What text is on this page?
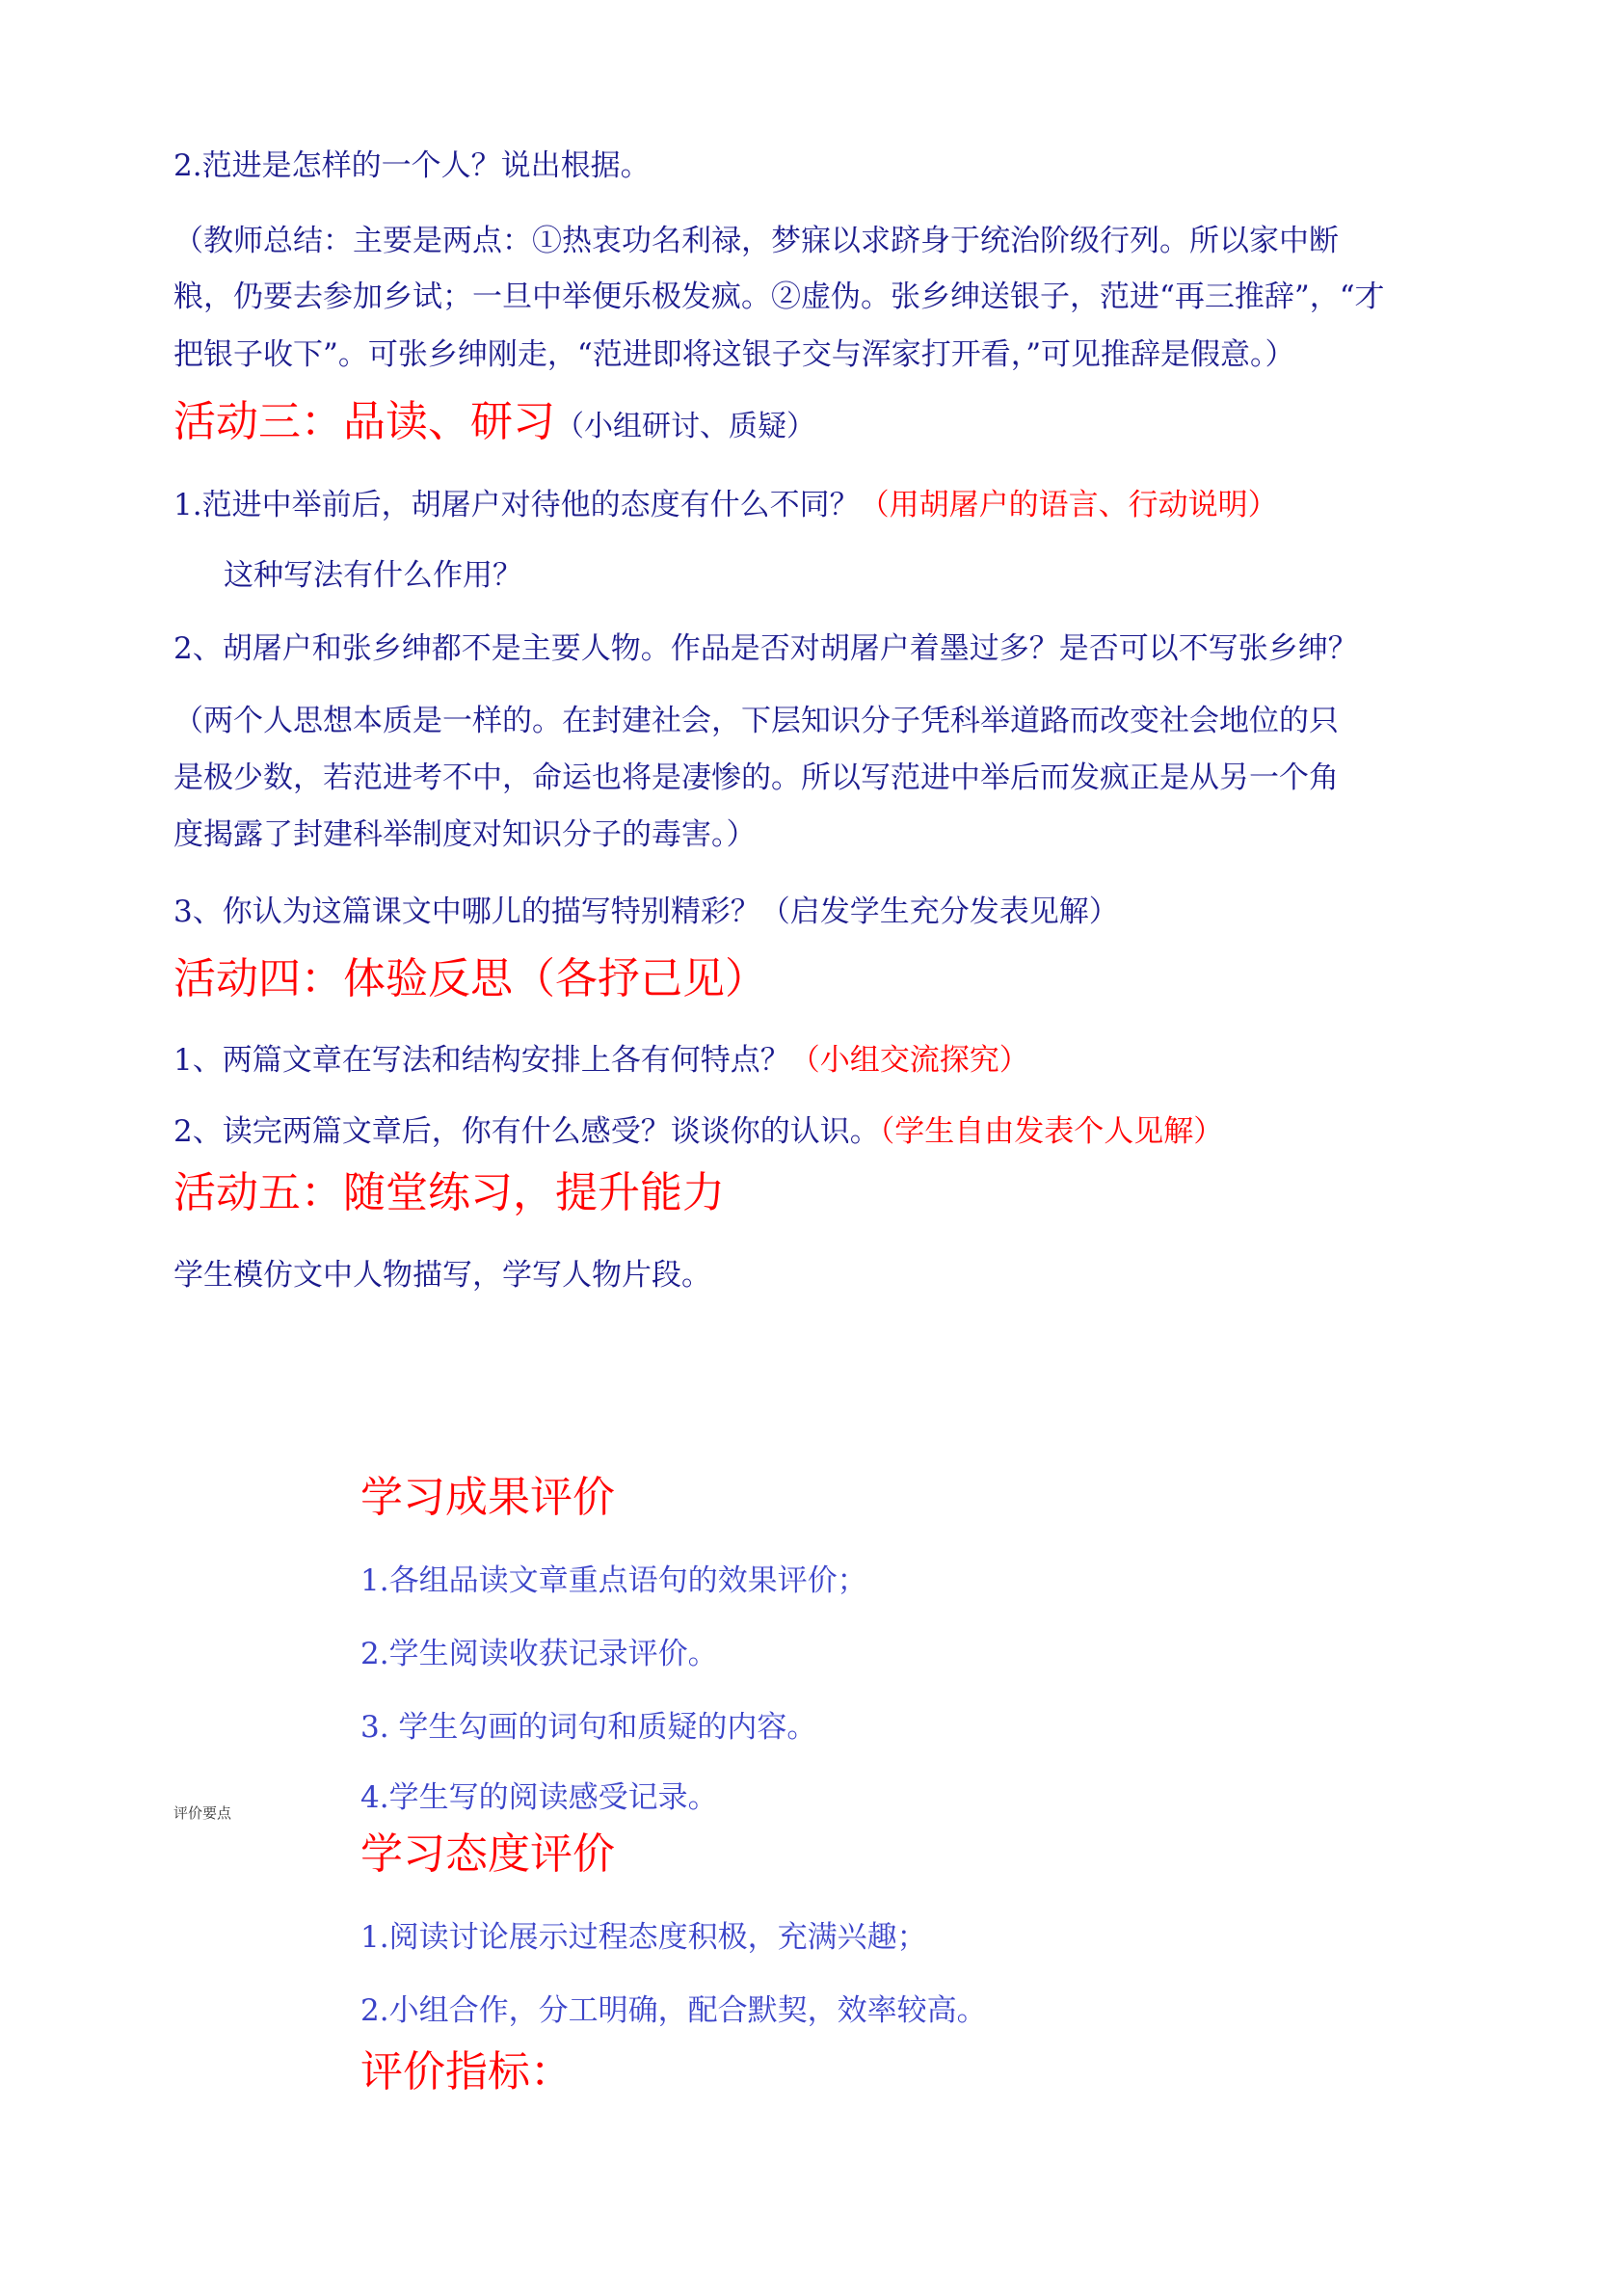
2.范进是怎样的一个人？说出根据。
（教师总结：主要是两点：①热衷功名利禄，梦寐以求跻身于统治阶级行列。所以家中断
粮，仍要去参加乡试；一旦中举便乐极发疯。②虚伪。张乡绅送银子，范进“再三推辞”，“才
把银子收下”。可张乡绅刚走，“范进即将这银子交与浑家打开看，”可见推辞是假意。）
活动三：品读、研习（小组研讨、质疑）
1.范进中举前后，胡屠户对待他的态度有什么不同？（用胡屠户的语言、行动说明）
这种写法有什么作用？
2、胡屠户和张乡绅都不是主要人物。作品是否对胡屠户着墨过多？是否可以不写张乡绅？
（两个人思想本质是一样的。在封建社会，下层知识分子凭科举道路而改变社会地位的只
是极少数，若范进考不中，命运也将是凄惨的。所以写范进中举后而发疯正是从另一个角
度揭露了封建科举制度对知识分子的毒害。）
3、你认为这篇课文中哪儿的描写特别精彩？（启发学生充分发表见解）
活动四：体验反思（各抒己见）
1、两篇文章在写法和结构安排上各有何特点？（小组交流探究）
2、读完两篇文章后，你有什么感受？谈谈你的认识。（学生自由发表个人见解）
活动五：随堂练习，提升能力
学生模仿文中人物描写，学写人物片段。
学习成果评价
1.各组品读文章重点语句的效果评价；
2.学生阅读收获记录评价。
3. 学生勾画的词句和质疑的内容。
4.学生写的阅读感受记录。
评价要点
学习态度评价
1.阅读讨论展示过程态度积极，充满兴趣；
2.小组合作，分工明确，配合默契，效率较高。
评价指标：
